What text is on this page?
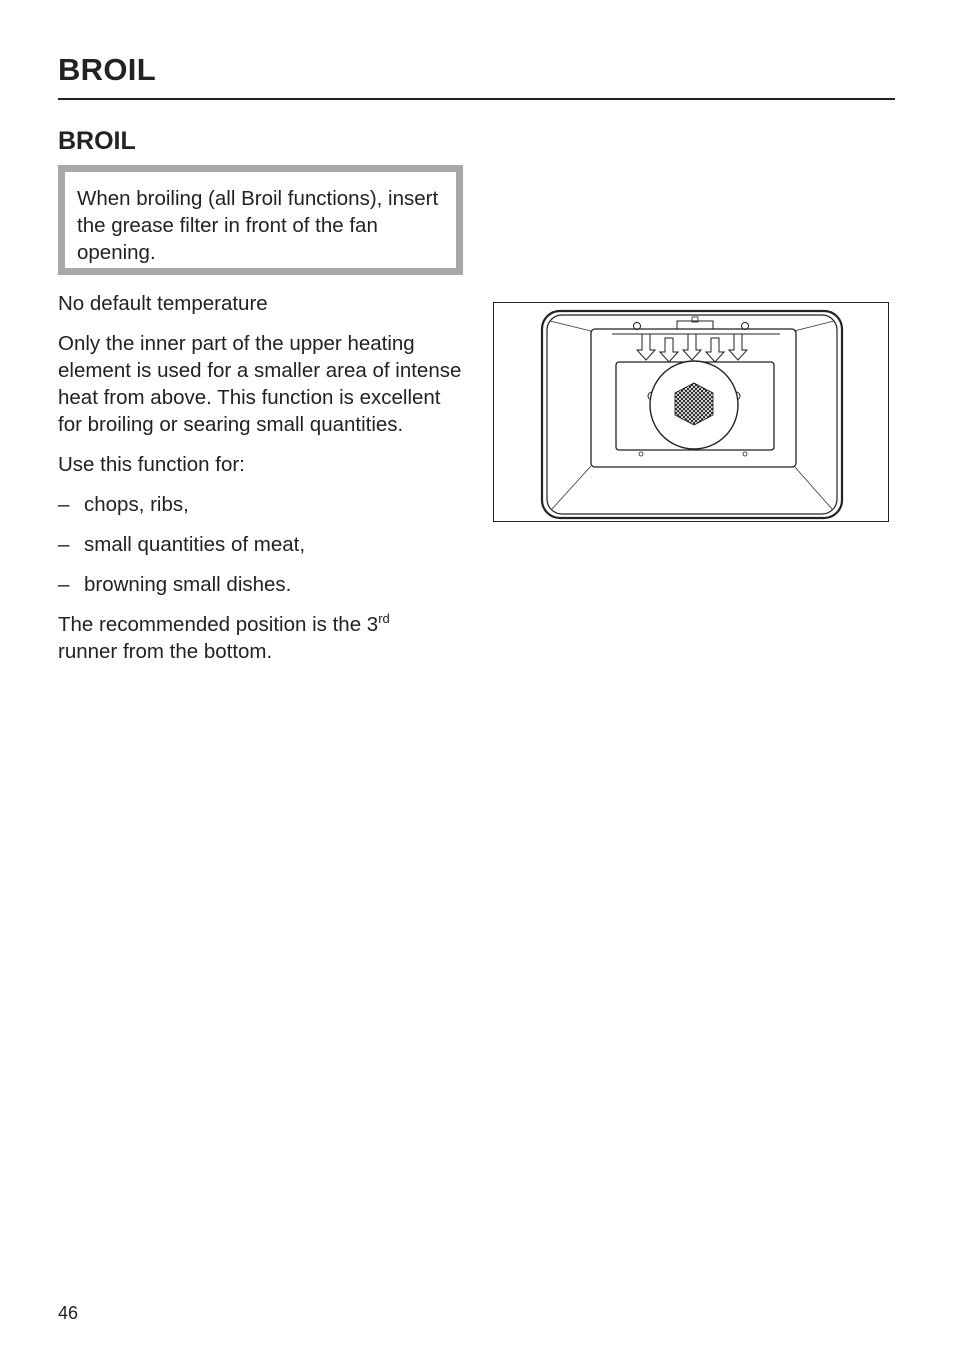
BROIL
BROIL
When broiling (all Broil functions), insert the grease filter in front of the fan opening.

No default temperature

Only the inner part of the upper heating element is used for a smaller area of intense heat from above. This function is excellent for broiling or searing small quantities.

Use this function for:

– chops, ribs,
– small quantities of meat,
– browning small dishes.

The recommended position is the 3rd
runner from the bottom.

46
